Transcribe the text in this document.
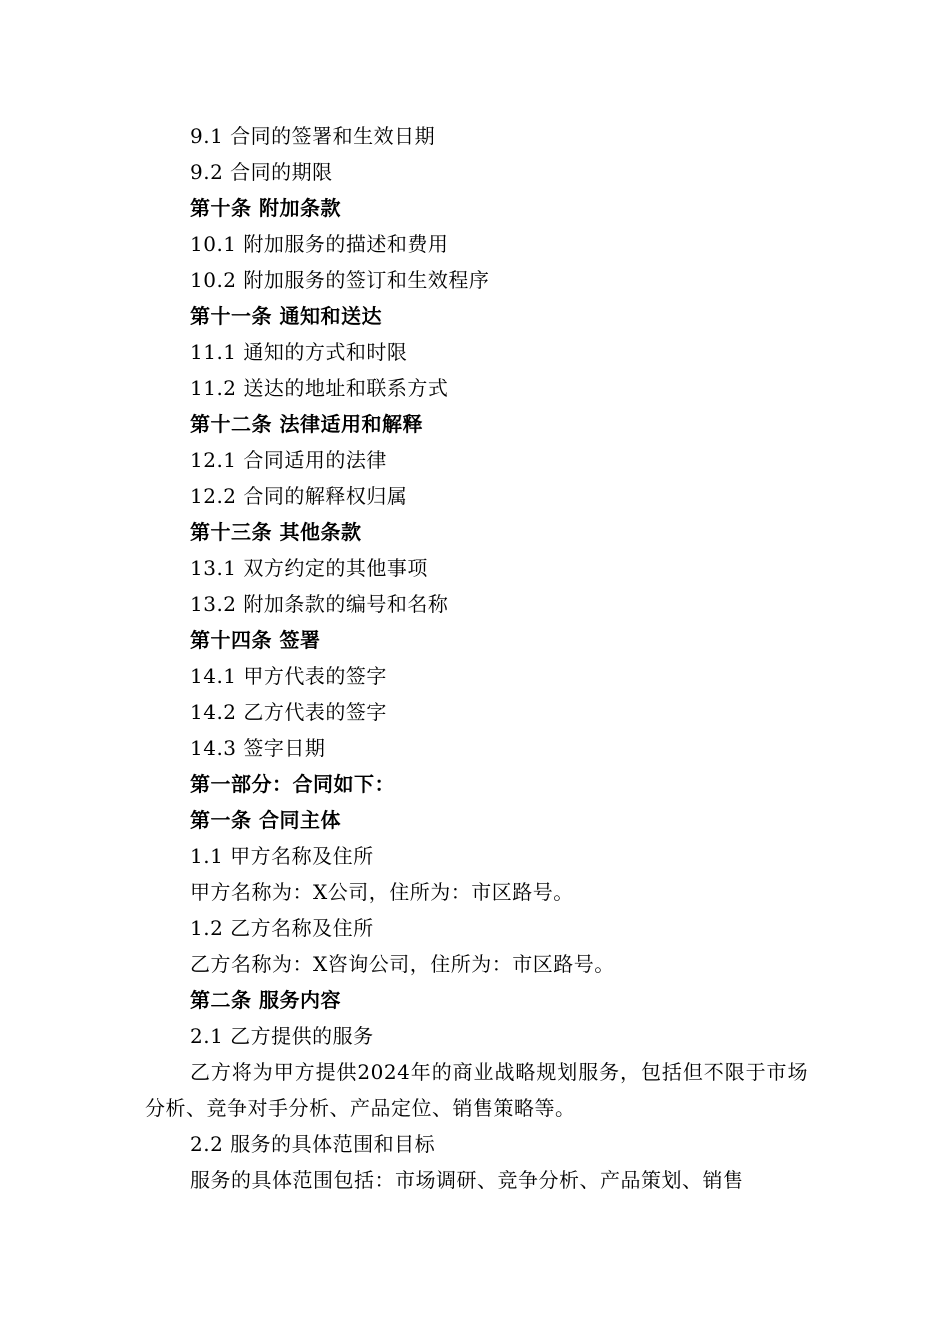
9.1 合同的签署和生效日期
9.2 合同的期限
第十条 附加条款
10.1 附加服务的描述和费用
10.2 附加服务的签订和生效程序
第十一条 通知和送达
11.1 通知的方式和时限
11.2 送达的地址和联系方式
第十二条 法律适用和解释
12.1 合同适用的法律
12.2 合同的解释权归属
第十三条 其他条款
13.1 双方约定的其他事项
13.2 附加条款的编号和名称
第十四条 签署
14.1 甲方代表的签字
14.2 乙方代表的签字
14.3 签字日期
第一部分：合同如下：
第一条 合同主体
1.1 甲方名称及住所
甲方名称为：X公司，住所为：市区路号。
1.2 乙方名称及住所
乙方名称为：X咨询公司，住所为：市区路号。
第二条 服务内容
2.1 乙方提供的服务
乙方将为甲方提供2024年的商业战略规划服务，包括但不限于市场分析、竞争对手分析、产品定位、销售策略等。
2.2 服务的具体范围和目标
服务的具体范围包括：市场调研、竞争分析、产品策划、销售
